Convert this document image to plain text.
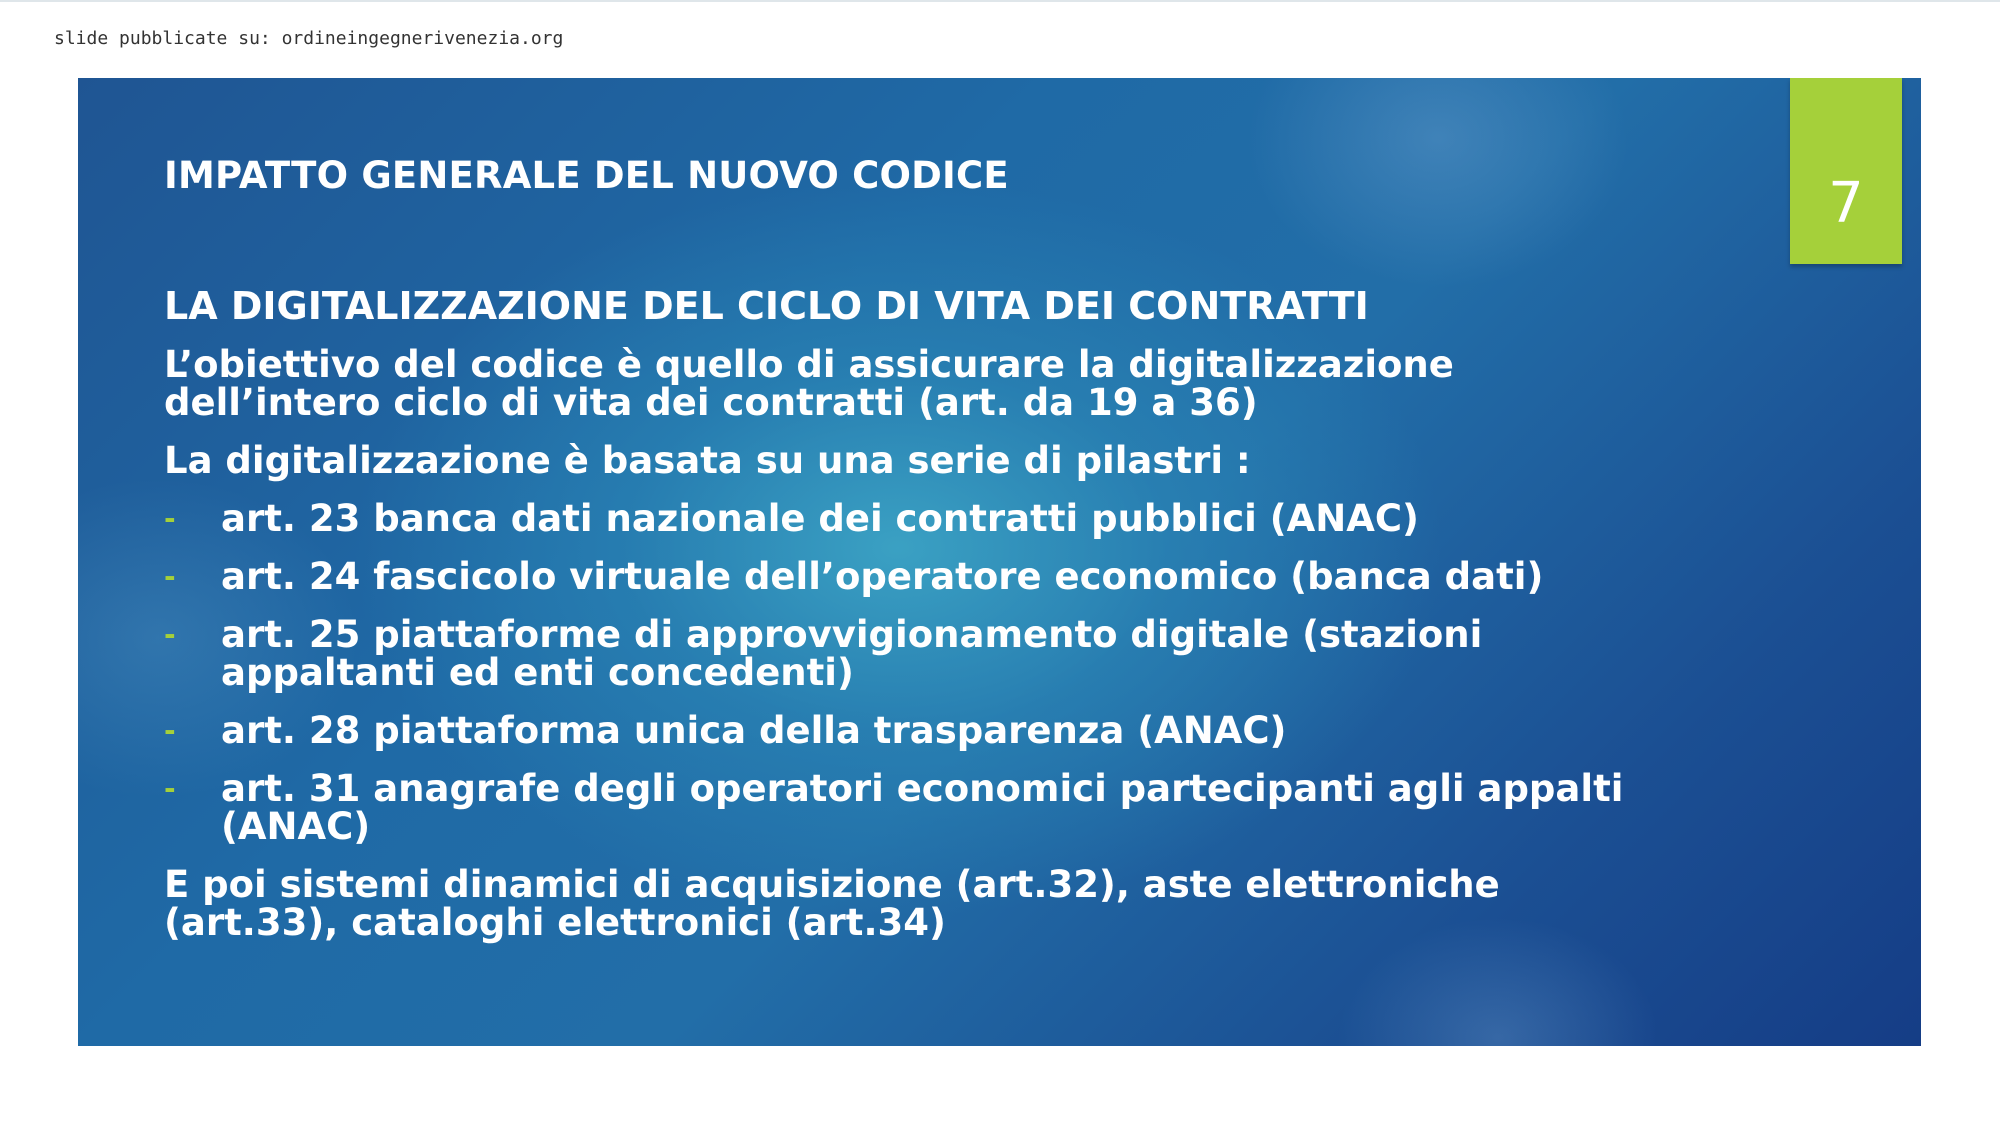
slide pubblicate su: ordineingegnerivenezia.org
7
IMPATTO GENERALE DEL NUOVO CODICE
LA DIGITALIZZAZIONE DEL CICLO DI VITA DEI CONTRATTI
L’obiettivo del codice è quello di assicurare la digitalizzazione
dell’intero ciclo di vita dei contratti (art. da 19 a 36)
La digitalizzazione è basata su una serie di pilastri :
- art. 23 banca dati nazionale dei contratti pubblici (ANAC)
- art. 24 fascicolo virtuale dell’operatore economico (banca dati)
- art. 25 piattaforme di approvvigionamento digitale (stazioni
appaltanti ed enti concedenti)
- art. 28 piattaforma unica della trasparenza (ANAC)
- art. 31 anagrafe degli operatori economici partecipanti agli appalti
(ANAC)
E poi sistemi dinamici di acquisizione (art.32), aste elettroniche
(art.33), cataloghi elettronici (art.34)
